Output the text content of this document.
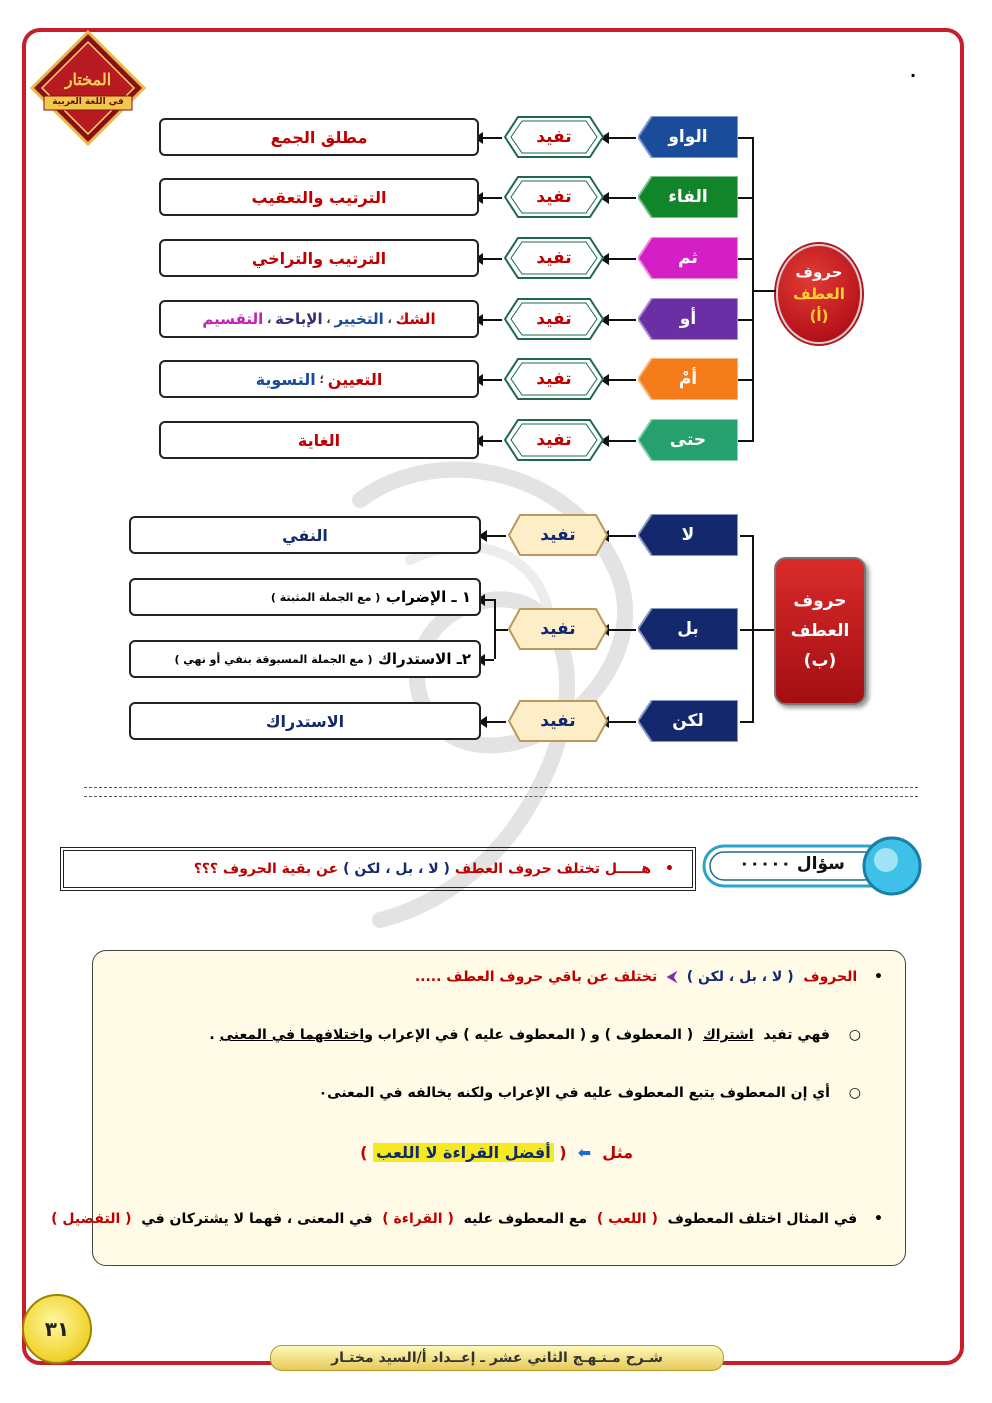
المختار
في اللغة العربية
.
حروف
العطف
(أ)
الواو
تفيد
مطلق الجمع
الفاء
تفيد
الترتيب والتعقيب
ثم
تفيد
الترتيب والتراخي
أو
تفيد
الشك
،
التخيير
،
الإباحة
،
التقسيم
أمْ
تفيد
التعيين
؛
التسوية
حتى
تفيد
الغاية
حروف
العطف
(ب)
لا
تفيد
النفي
بل
تفيد
١ ـ الإضراب

( مع الجملة المثبتة )
٢ـ الاستدراك

( مع الجملة المسبوقة بنفي أو نهي )
لكن
تفيد
الاستدراك
سؤال ٠٠٠٠٠
•
هـــــل تختلف حروف العطف

( لا ، بل ، لكن )

عن بقية الحروف ؟؟؟
• الحروف  ( لا ، بل ، لكن )  ⮜  تختلف عن باقي حروف العطف .....
○ فهي تفيد  اشتراك  ( المعطوف ) و ( المعطوف عليه ) في الإعراب واختلافهما في المعنى .
○ أي إن المعطوف يتبع المعطوف عليه في الإعراب ولكنه يخالفه في المعنى٠
مثل  ⬅  ( أفضل القراءة لا اللعب )
• في المثال اختلف المعطوف  ( اللعب )  مع المعطوف عليه  ( القراءة )  في المعنى ، فهما لا يشتركان في  ( التفضيل )
٣١
شـرح مـنـهـج الثاني عشر ـ إعــداد أ/السيد مختـار
